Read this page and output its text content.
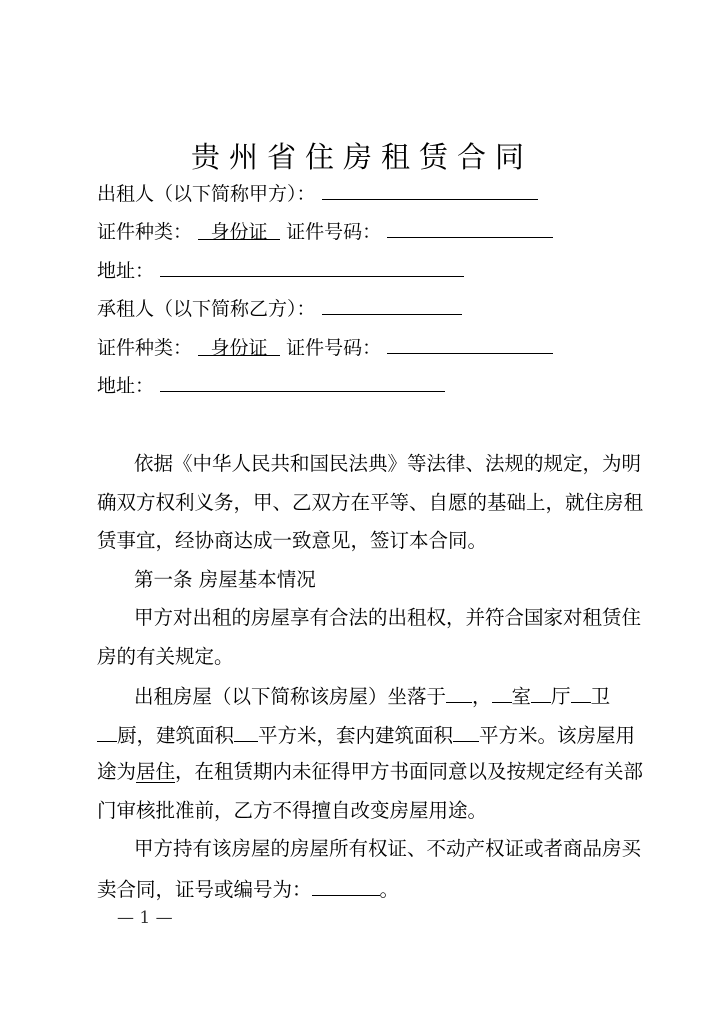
贵州省住房租赁合同
出租人（以下简称甲方）：
证件种类： 身份证 证件号码：
地址：
承租人（以下简称乙方）：
证件种类： 身份证 证件号码：
地址：
依据《中华人民共和国民法典》等法律、法规的规定，为明
确双方权利义务，甲、乙双方在平等、自愿的基础上，就住房租
赁事宜，经协商达成一致意见，签订本合同。
第一条 房屋基本情况
甲方对出租的房屋享有合法的出租权，并符合国家对租赁住
房的有关规定。
出租房屋（以下简称该房屋）坐落于 ， 室 厅 卫
厨，建筑面积 平方米，套内建筑面积 平方米。该房屋用
途为居住，在租赁期内未征得甲方书面同意以及按规定经有关部
门审核批准前，乙方不得擅自改变房屋用途。
甲方持有该房屋的房屋所有权证、不动产权证或者商品房买
卖合同，证号或编号为：	。
— 1 —
